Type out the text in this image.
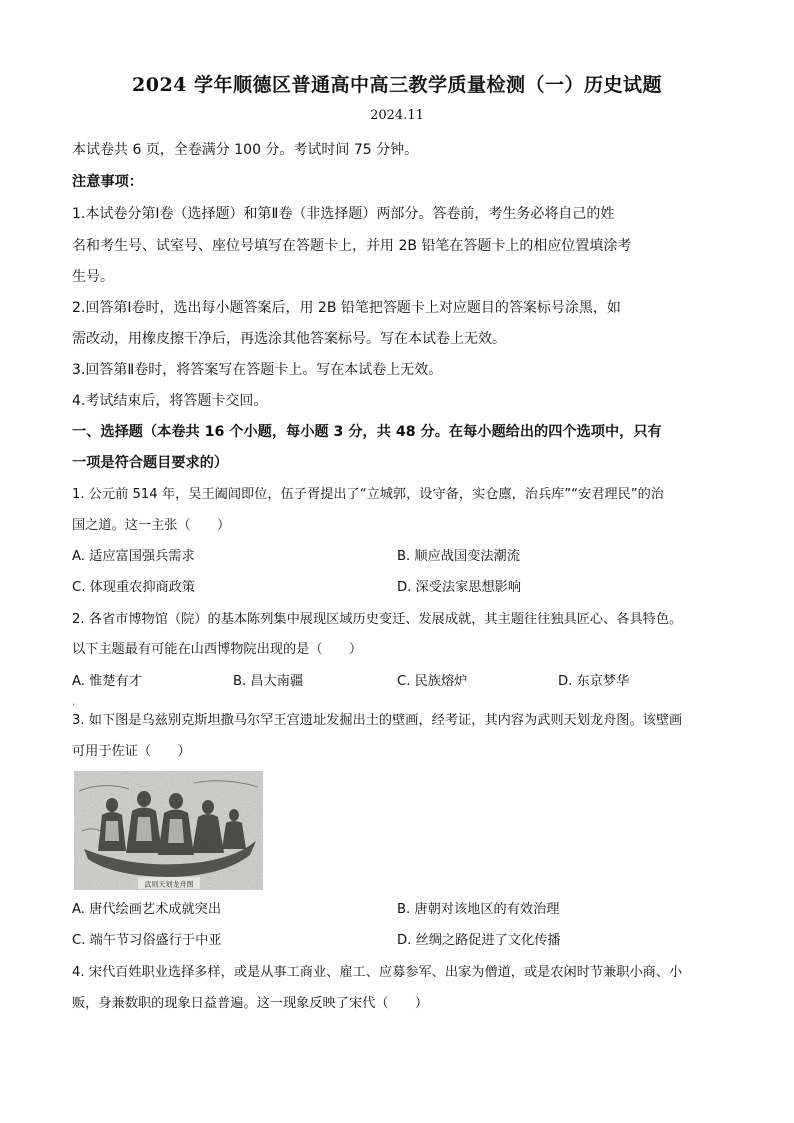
2024 学年顺德区普通高中高三教学质量检测（一）历史试题
2024.11
本试卷共 6 页，全卷满分 100 分。考试时间 75 分钟。
注意事项：
1.本试卷分第Ⅰ卷（选择题）和第Ⅱ卷（非选择题）两部分。答卷前，考生务必将自己的姓
名和考生号、试室号、座位号填写在答题卡上，并用 2B 铅笔在答题卡上的相应位置填涂考
生号。
2.回答第Ⅰ卷时，选出每小题答案后，用 2B 铅笔把答题卡上对应题目的答案标号涂黑，如
需改动，用橡皮擦干净后，再选涂其他答案标号。写在本试卷上无效。
3.回答第Ⅱ卷时，将答案写在答题卡上。写在本试卷上无效。
4.考试结束后，将答题卡交回。
一、选择题（本卷共 16 个小题，每小题 3 分，共 48 分。在每小题给出的四个选项中，只有
一项是符合题目要求的）
1. 公元前 514 年，吴王阖闾即位，伍子胥提出了“立城郭，设守备，实仓廪，治兵库”“安君理民”的治
国之道。这一主张（　　）
A. 适应富国强兵需求	B. 顺应战国变法潮流
C. 体现重农抑商政策	D. 深受法家思想影响
2. 各省市博物馆（院）的基本陈列集中展现区域历史变迁、发展成就，其主题往往独具匠心、各具特色。
以下主题最有可能在山西博物院出现的是（　　）
A. 惟楚有才	B. 昌大南疆	C. 民族熔炉	D. 东京梦华
·
3. 如下图是乌兹别克斯坦撒马尔罕王宫遗址发掘出土的壁画，经考证，其内容为武则天划龙舟图。该壁画
可用于佐证（　　）
武则天划龙舟图
A. 唐代绘画艺术成就突出	B. 唐朝对该地区的有效治理
C. 端午节习俗盛行于中亚	D. 丝绸之路促进了文化传播
4. 宋代百姓职业选择多样，或是从事工商业、雇工、应募参军、出家为僧道，或是农闲时节兼职小商、小
贩，身兼数职的现象日益普遍。这一现象反映了宋代（　　）
